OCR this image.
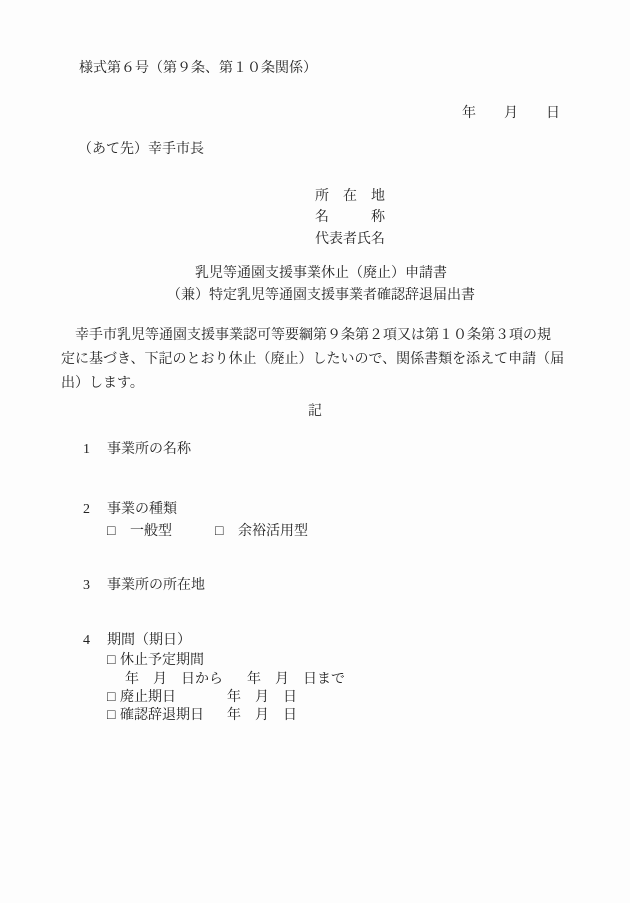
様式第６号（第９条、第１０条関係）
年　　月　　日
（あて先）幸手市長
所　在　地
名　　　称
代表者氏名
乳児等通園支援事業休止（廃止）申請書
（兼）特定乳児等通園支援事業者確認辞退届出書
　幸手市乳児等通園支援事業認可等要綱第９条第２項又は第１０条第３項の規
定に基づき、下記のとおり休止（廃止）したいので、関係書類を添えて申請（届
出）します。
記
1 事業所の名称
2 事業の種類
□ 一般型	□ 余裕活用型
3 事業所の所在地
4 期間（期日）
□ 休止予定期間
年　月　日から 年　月　日まで
□ 廃止期日	年　月　日
□ 確認辞退期日 年　月　日
